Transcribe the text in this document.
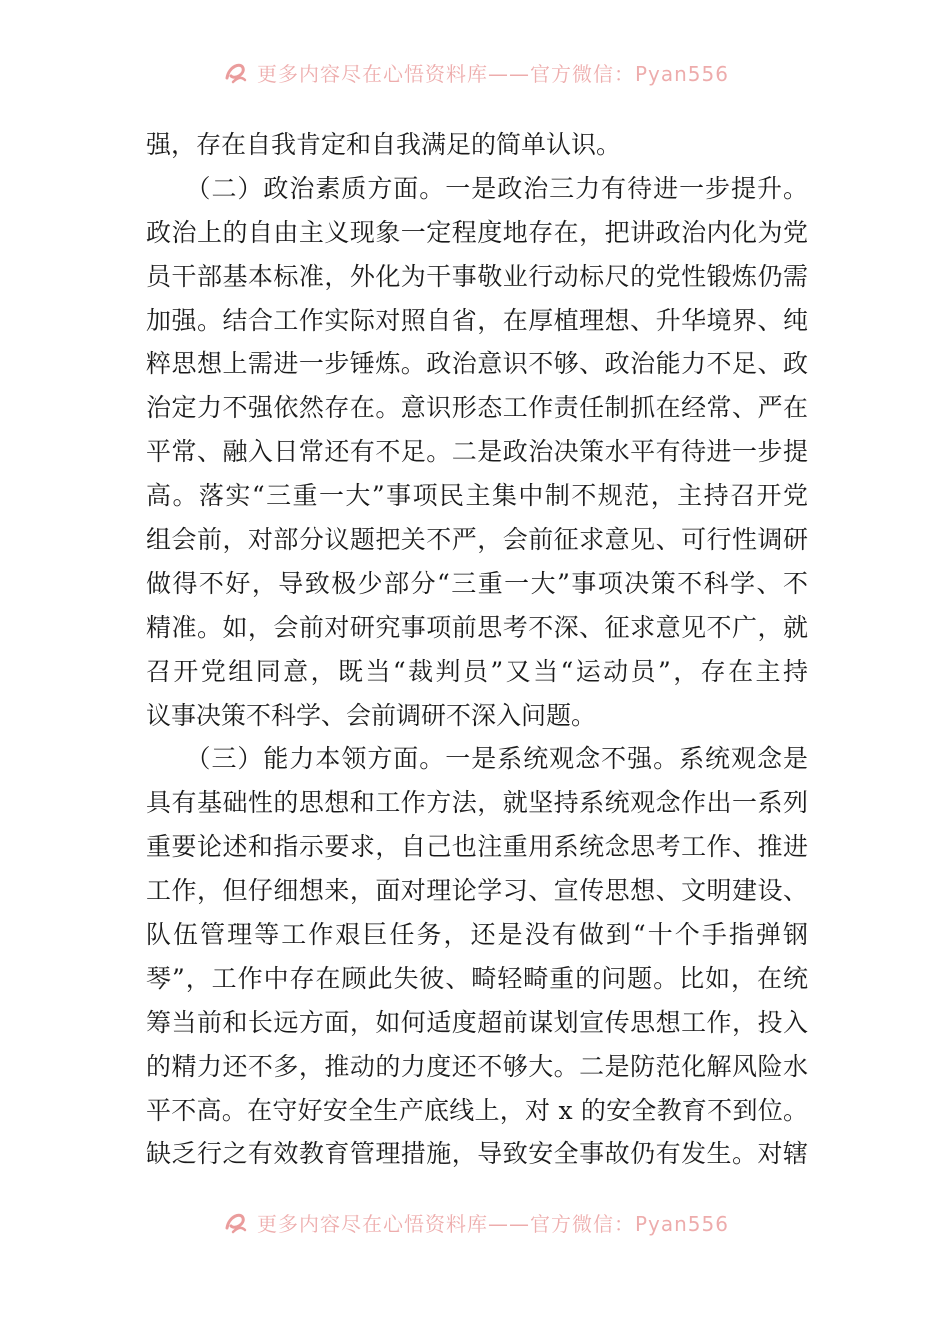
更多内容尽在心悟资料库——官方微信：Pyan556
强，存在自我肯定和自我满足的简单认识。
　　（二）政治素质方面。一是政治三力有待进一步提升。
政治上的自由主义现象一定程度地存在，把讲政治内化为党
员干部基本标准，外化为干事敬业行动标尺的党性锻炼仍需
加强。结合工作实际对照自省，在厚植理想、升华境界、纯
粹思想上需进一步锤炼。政治意识不够、政治能力不足、政
治定力不强依然存在。意识形态工作责任制抓在经常、严在
平常、融入日常还有不足。二是政治决策水平有待进一步提
高。落实“三重一大”事项民主集中制不规范，主持召开党
组会前，对部分议题把关不严，会前征求意见、可行性调研
做得不好，导致极少部分“三重一大”事项决策不科学、不
精准。如，会前对研究事项前思考不深、征求意见不广，就
召开党组同意，既当“裁判员”又当“运动员”，存在主持
议事决策不科学、会前调研不深入问题。
　　（三）能力本领方面。一是系统观念不强。系统观念是
具有基础性的思想和工作方法，就坚持系统观念作出一系列
重要论述和指示要求，自己也注重用系统念思考工作、推进
工作，但仔细想来，面对理论学习、宣传思想、文明建设、
队伍管理等工作艰巨任务，还是没有做到“十个手指弹钢
琴”，工作中存在顾此失彼、畸轻畸重的问题。比如，在统
筹当前和长远方面，如何适度超前谋划宣传思想工作，投入
的精力还不多，推动的力度还不够大。二是防范化解风险水
平不高。在守好安全生产底线上，对 x 的安全教育不到位。
缺乏行之有效教育管理措施，导致安全事故仍有发生。对辖
更多内容尽在心悟资料库——官方微信：Pyan556
